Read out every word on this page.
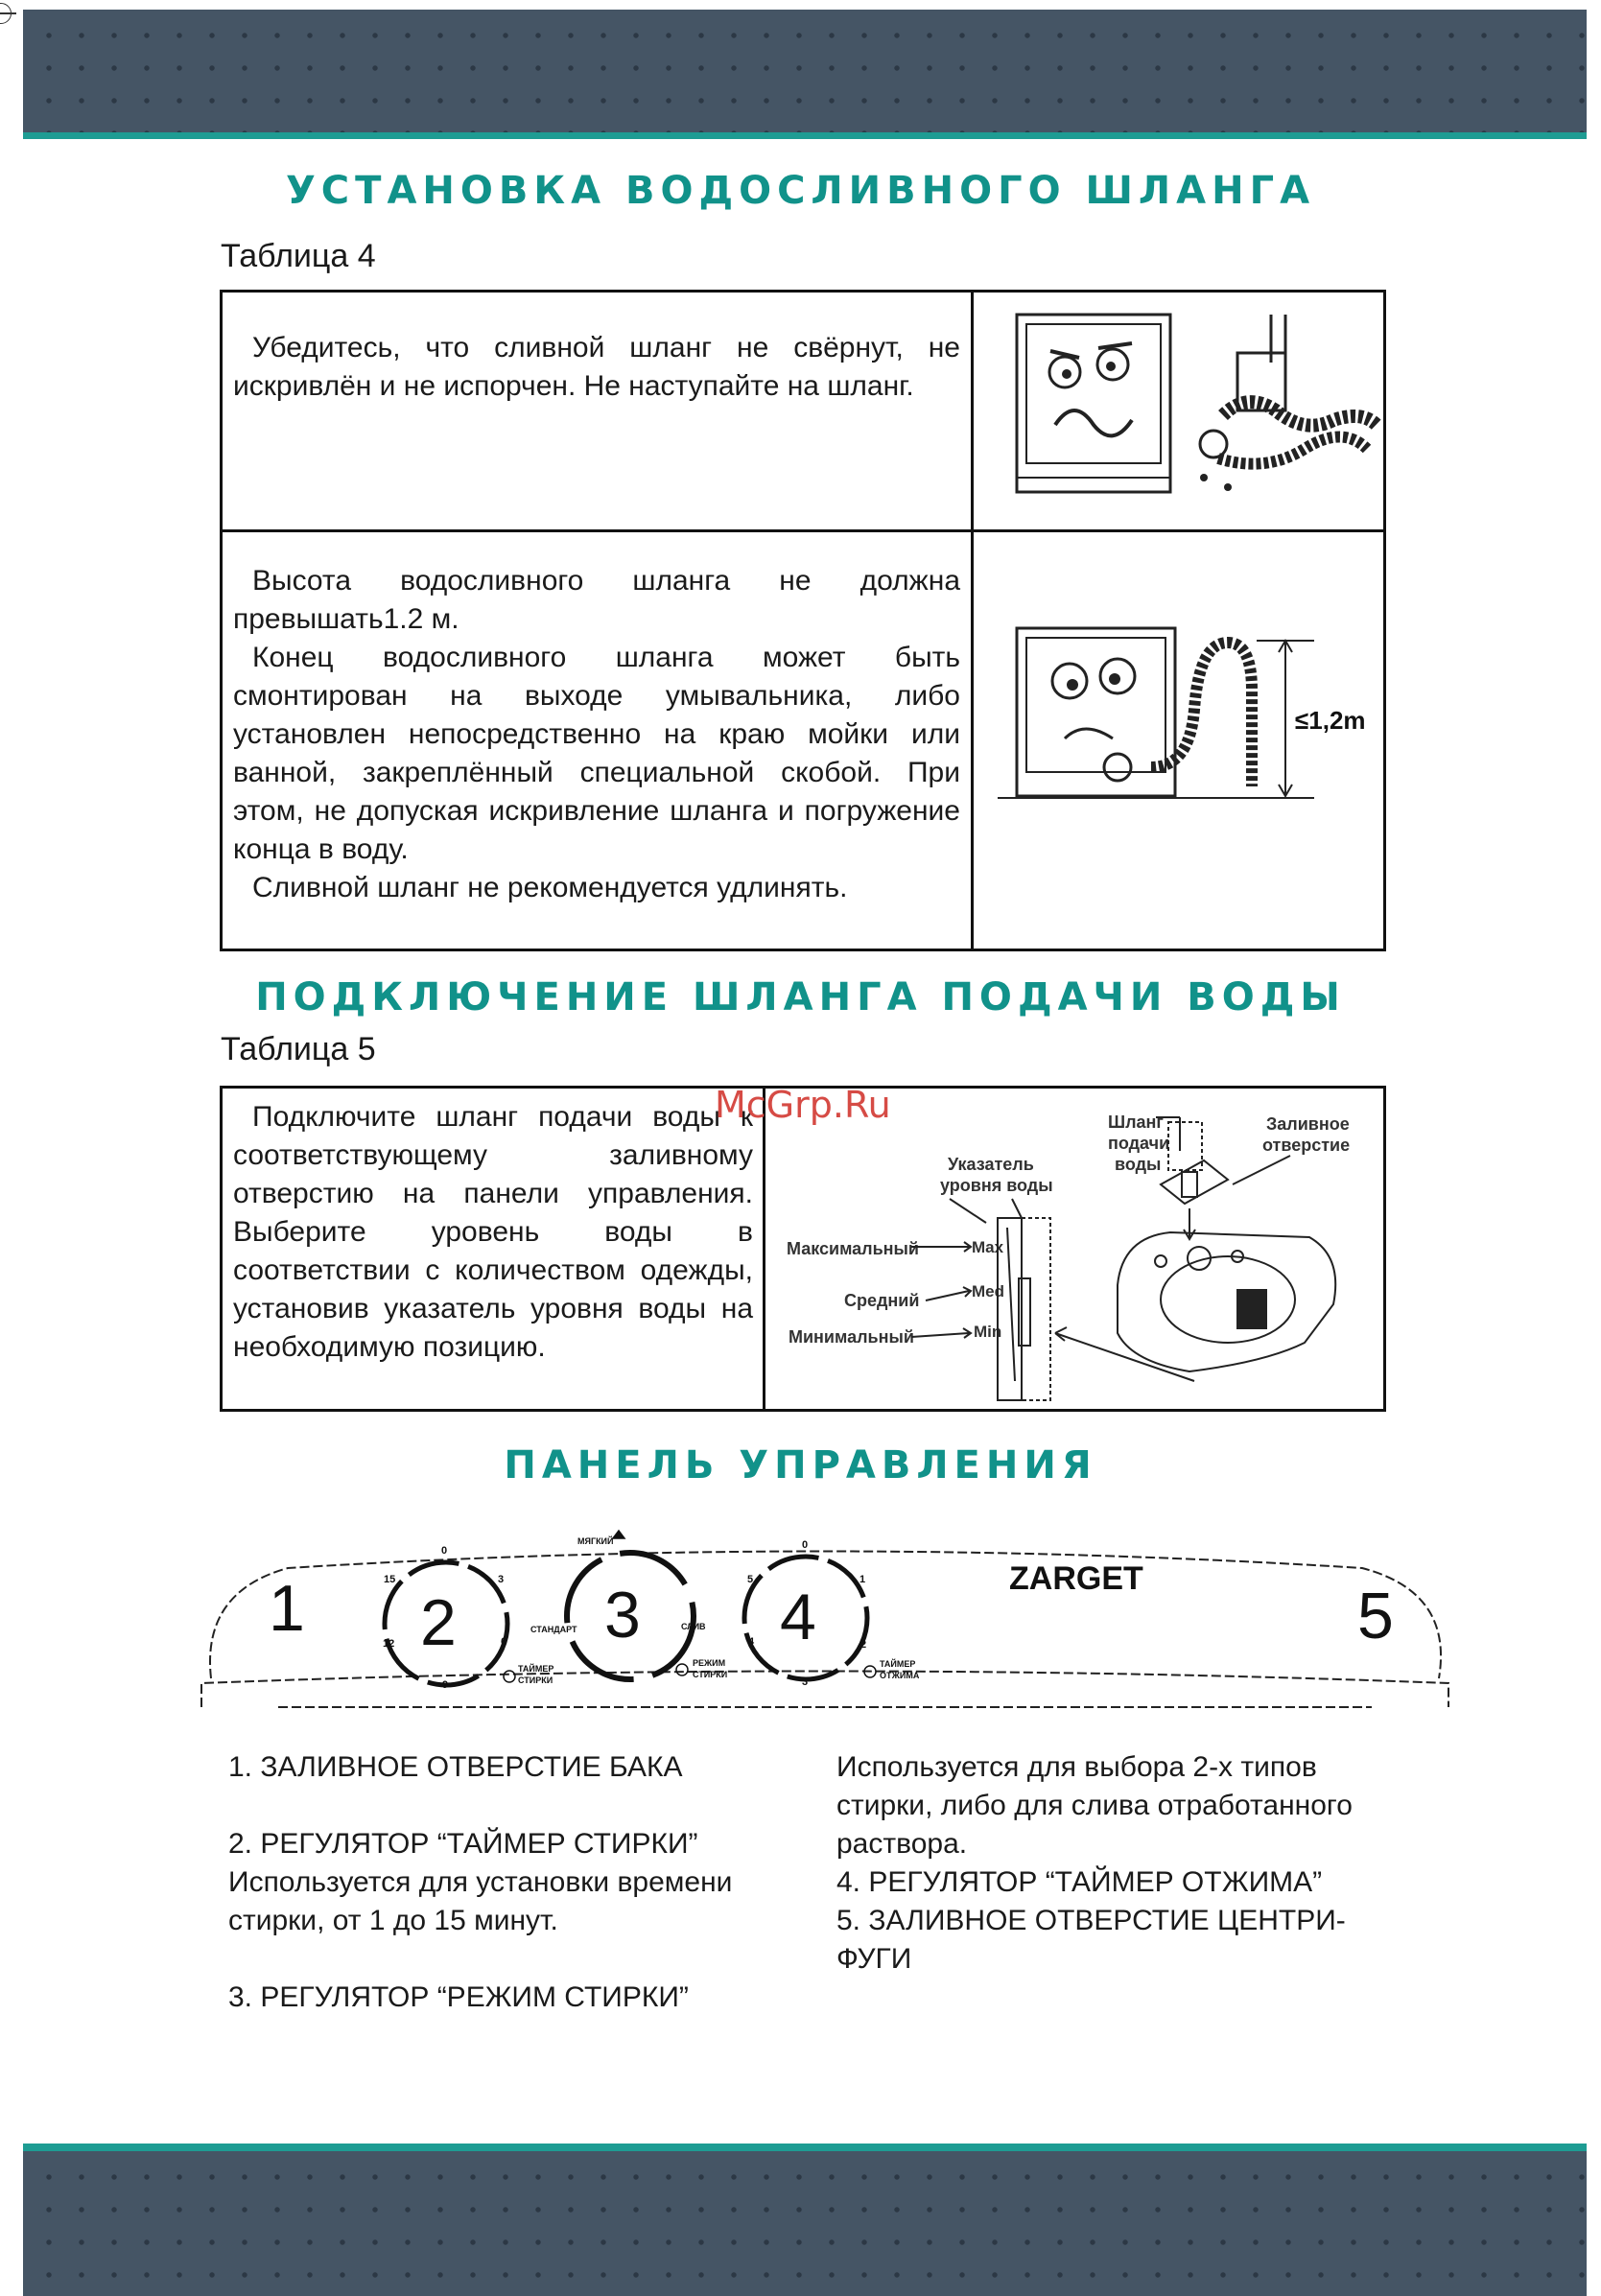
УСТАНОВКА ВОДОСЛИВНОГО ШЛАНГА
Таблица 4

Убедитесь, что сливной шланг не свёрнут, не искривлён и не испорчен. Не наступайте на шланг.

Высота водосливного шланга не должна превышать1.2 м.

Конец водосливного шланга может быть смонтирован на выходе умывальника, либо установлен непосредственно на краю мойки или ванной, закреплённый специальной скобой. При этом, не допуская искривление шланга и погружение конца в воду.

Сливной шланг не рекомендуется удлинять.

≤1,2m
ПОДКЛЮЧЕНИЕ ШЛАНГА ПОДАЧИ ВОДЫ
Таблица 5

Подключите шланг подачи воды к соответствующему заливному отверстию на панели управления. Выберите уровень воды в соответствии с количеством одежды, установив указатель уровня воды на необходимую позицию.

McGrp.Ru	Шланг
подачи
воды
Заливное
отверстие
Указатель
уровня воды
Максимальный
Средний
Минимальный
Max
Med
Min
ПАНЕЛЬ УПРАВЛЕНИЯ
1 2 3 4	5
ZARGET
0
3
6
9
12
15
ТАЙМЕР
СТИРКИ
МЯГКИЙ
СТАНДАРТ	СЛИВ
РЕЖИМ
СТИРКИ
0
1
2
3
4
5
ТАЙМЕР
ОТЖИМА

1. ЗАЛИВНОЕ ОТВЕРСТИЕ БАКА

2. РЕГУЛЯТОР “ТАЙМЕР СТИРКИ”

Используется для установки времени

стирки, от 1 до 15 минут.

3. РЕГУЛЯТОР “РЕЖИМ СТИРКИ”

Используется для выбора 2-х типов

стирки, либо для слива отработанного

раствора.

4. РЕГУЛЯТОР “ТАЙМЕР ОТЖИМА”

5. ЗАЛИВНОЕ ОТВЕРСТИЕ ЦЕНТРИ-

ФУГИ
